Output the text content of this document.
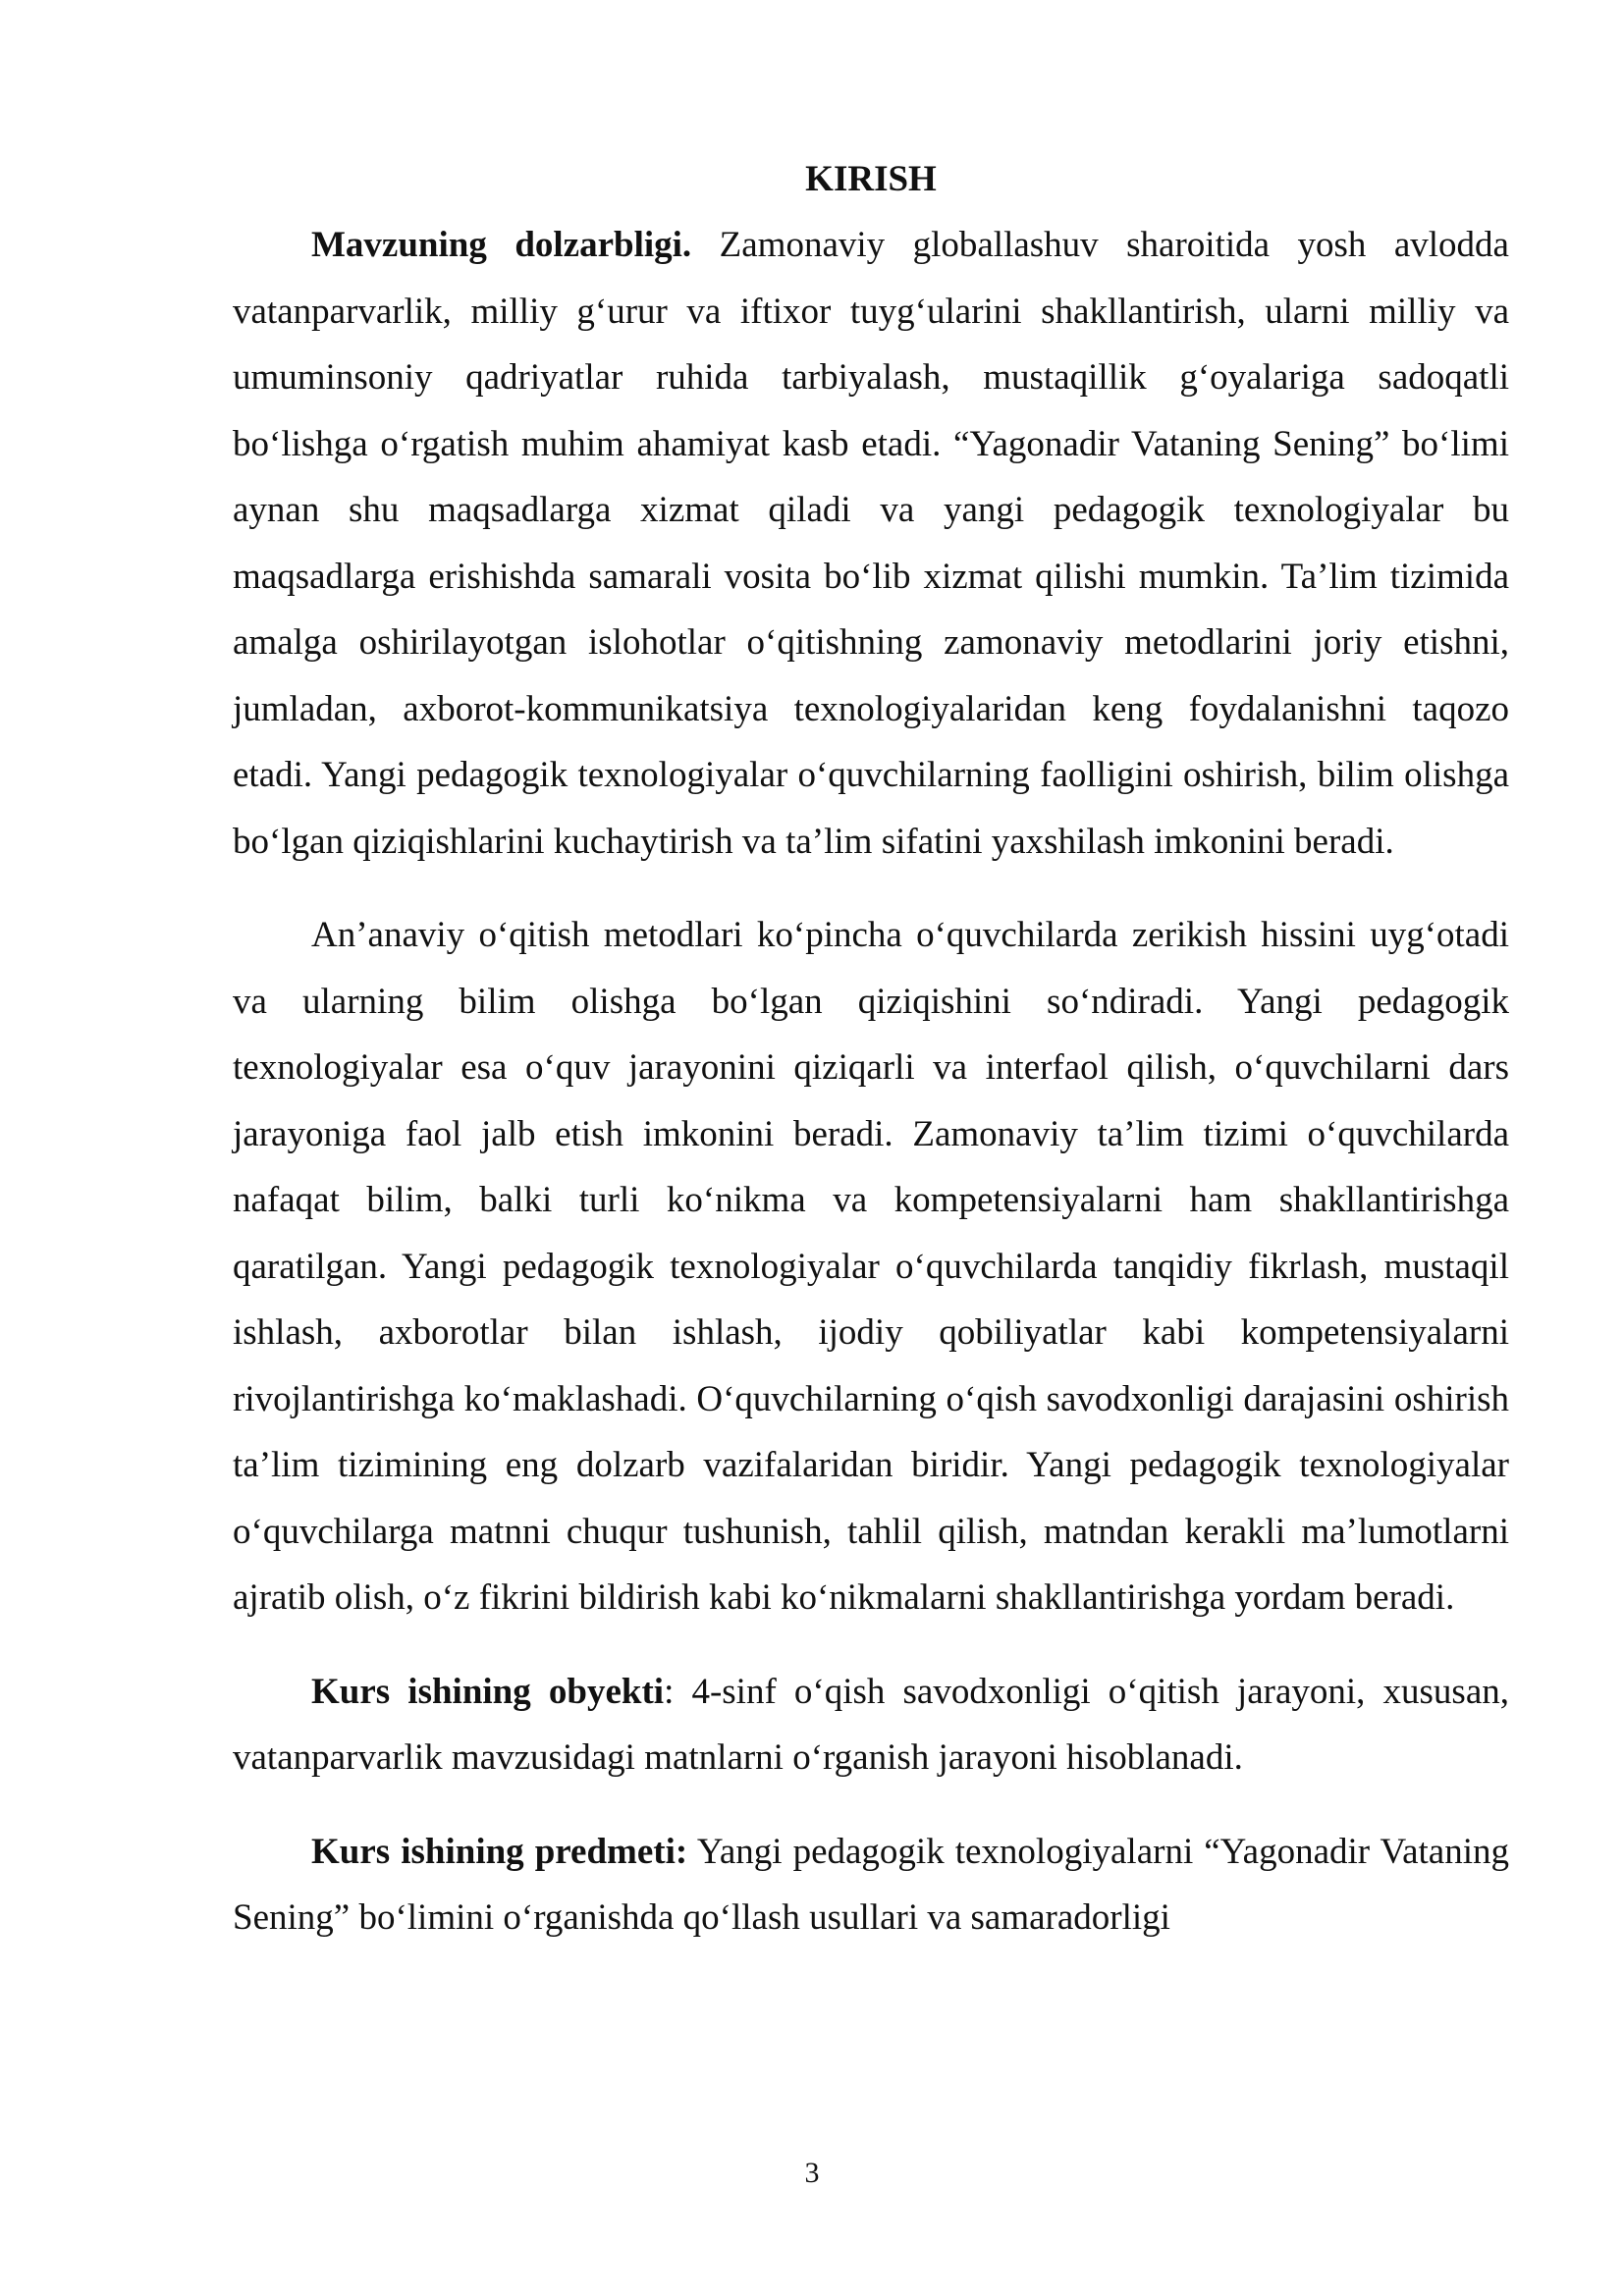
KIRISH

Mavzuning dolzarbligi. Zamonaviy globallashuv sharoitida yosh avlodda vatanparvarlik, milliy g‘urur va iftixor tuyg‘ularini shakllantirish, ularni milliy va umuminsoniy qadriyatlar ruhida tarbiyalash, mustaqillik g‘oyalariga sadoqatli bo‘lishga o‘rgatish muhim ahamiyat kasb etadi. “Yagonadir Vataning Sening” bo‘limi aynan shu maqsadlarga xizmat qiladi va yangi pedagogik texnologiyalar bu maqsadlarga erishishda samarali vosita bo‘lib xizmat qilishi mumkin. Ta’lim tizimida amalga oshirilayotgan islohotlar o‘qitishning zamonaviy metodlarini joriy etishni, jumladan, axborot-kommunikatsiya texnologiyalaridan keng foydalanishni taqozo etadi. Yangi pedagogik texnologiyalar o‘quvchilarning faolligini oshirish, bilim olishga bo‘lgan qiziqishlarini kuchaytirish va ta’lim sifatini yaxshilash imkonini beradi.

An’anaviy o‘qitish metodlari ko‘pincha o‘quvchilarda zerikish hissini uyg‘otadi va ularning bilim olishga bo‘lgan qiziqishini so‘ndiradi. Yangi pedagogik texnologiyalar esa o‘quv jarayonini qiziqarli va interfaol qilish, o‘quvchilarni dars jarayoniga faol jalb etish imkonini beradi. Zamonaviy ta’lim tizimi o‘quvchilarda nafaqat bilim, balki turli ko‘nikma va kompetensiyalarni ham shakllantirishga qaratilgan. Yangi pedagogik texnologiyalar o‘quvchilarda tanqidiy fikrlash, mustaqil ishlash, axborotlar bilan ishlash, ijodiy qobiliyatlar kabi kompetensiyalarni rivojlantirishga ko‘maklashadi. O‘quvchilarning o‘qish savodxonligi darajasini oshirish ta’lim tizimining eng dolzarb vazifalaridan biridir. Yangi pedagogik texnologiyalar o‘quvchilarga matnni chuqur tushunish, tahlil qilish, matndan kerakli ma’lumotlarni ajratib olish, o‘z fikrini bildirish kabi ko‘nikmalarni shakllantirishga yordam beradi.

Kurs ishining obyekti: 4-sinf o‘qish savodxonligi o‘qitish jarayoni, xususan, vatanparvarlik mavzusidagi matnlarni o‘rganish jarayoni hisoblanadi.

Kurs ishining predmeti: Yangi pedagogik texnologiyalarni “Yagonadir Vataning Sening” bo‘limini o‘rganishda qo‘llash usullari va samaradorligi

3
